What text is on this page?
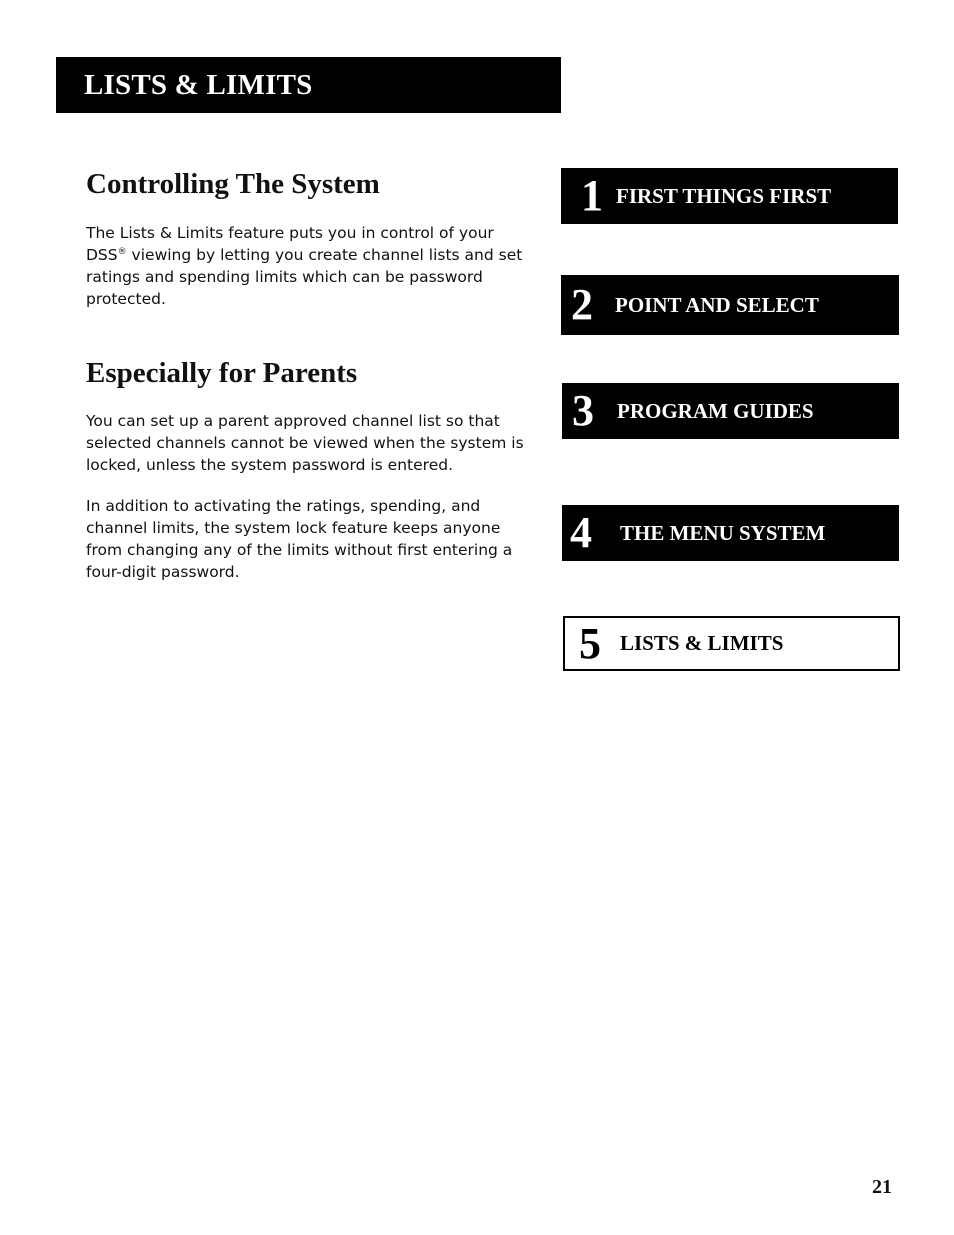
LISTS & LIMITS
Controlling The System

The Lists & Limits feature puts you in control of your DSS® viewing by letting you create channel lists and set ratings and spending limits which can be password protected.

Especially for Parents

You can set up a parent approved channel list so that selected channels cannot be viewed when the system is locked, unless the system password is entered.

In addition to activating the ratings, spending, and channel limits, the system lock feature keeps anyone from changing any of the limits without first entering a four-digit password.

1 FIRST THINGS FIRST
2	POINT AND SELECT
3	PROGRAM GUIDES
4	THE MENU SYSTEM
5 LISTS & LIMITS
21
